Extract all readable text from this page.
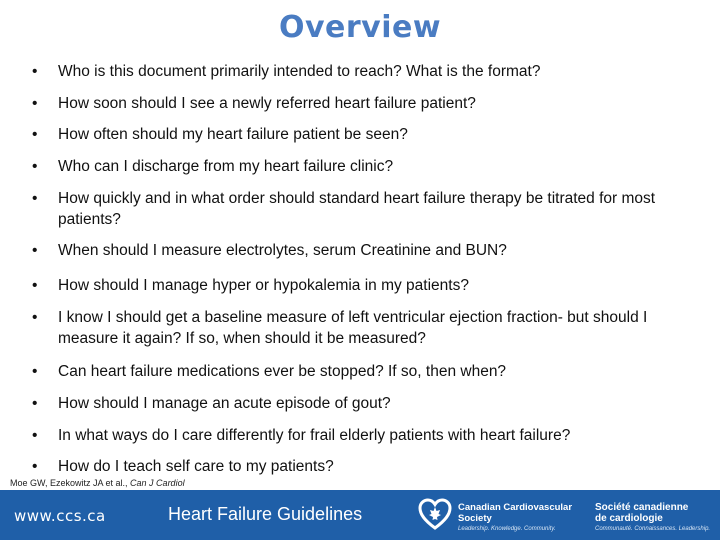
Overview
• Who is this document primarily intended to reach? What is the format?
• How soon should I see a newly referred heart failure patient?
• How often should my heart failure patient be seen?
• Who can I discharge from my heart failure clinic?
• How quickly and in what order should standard heart failure therapy be titrated for most patients?
• When should I measure electrolytes, serum Creatinine and BUN?
• How should I manage hyper or hypokalemia in my patients?
• I know I should get a baseline measure of left ventricular ejection fraction- but should I measure it again? If so, when should it be measured?
• Can heart failure medications ever be stopped? If so, then when?
• How should I manage an acute episode of gout?
• In what ways do I care differently for frail elderly patients with heart failure?
• How do I teach self care to my patients?
Moe GW, Ezekowitz JA et al., Can J Cardiol
www.ccs.ca	Heart Failure Guidelines	Canadian Cardiovascular
Society
Leadership. Knowledge. Community.
Société canadienne
de cardiologie
Communauté. Connaissances. Leadership.
